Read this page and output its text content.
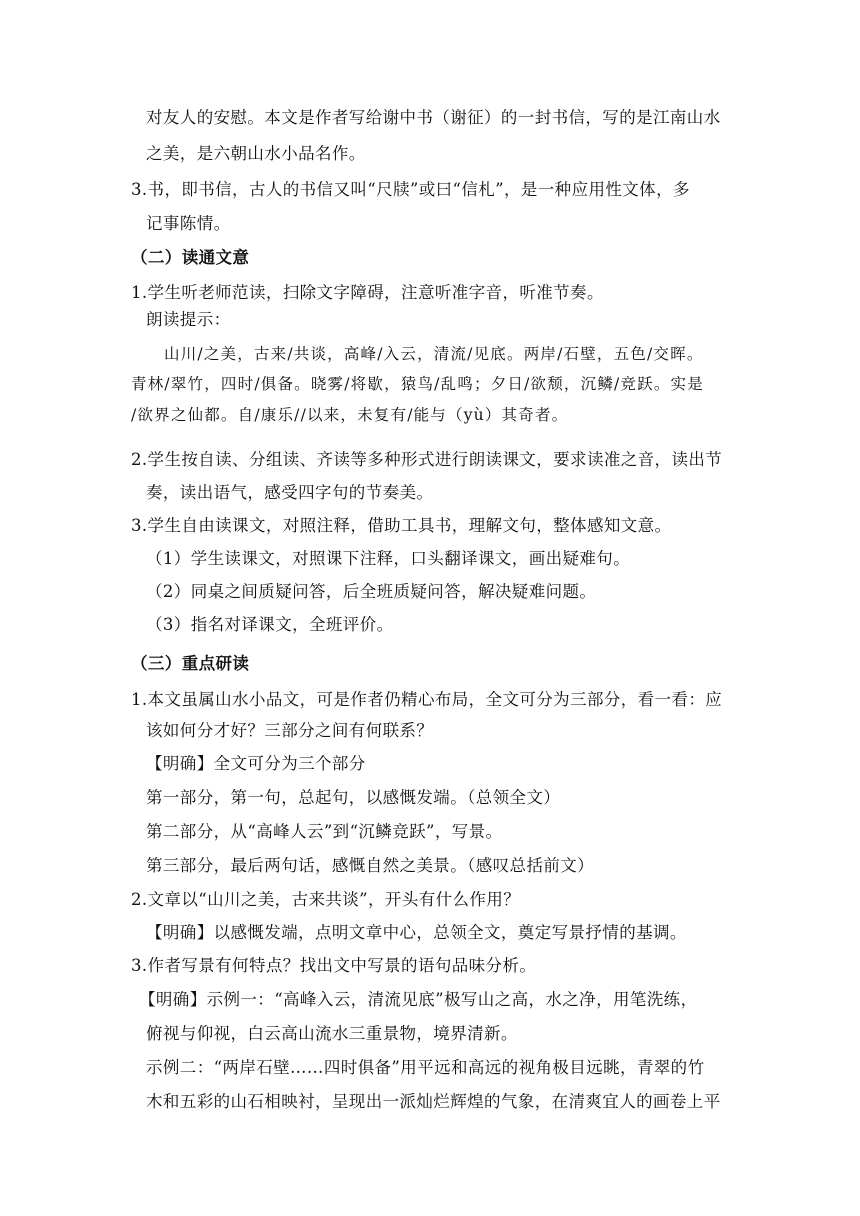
对友人的安慰。本文是作者写给谢中书（谢征）的一封书信，写的是江南山水
之美，是六朝山水小品名作。
3.书，即书信，古人的书信又叫“尺牍”或曰“信札”，是一种应用性文体，多
记事陈情。
（二）读通文意
1.学生听老师范读，扫除文字障碍，注意听准字音，听准节奏。
朗读提示：
山川/之美，古来/共谈，高峰/入云，清流/见底。两岸/石壁，五色/交晖。
青林/翠竹，四时/俱备。晓雾/将歇，猿鸟/乱鸣；夕日/欲颓，沉鳞/竞跃。实是
/欲界之仙都。自/康乐//以来，未复有/能与（yù）其奇者。
2.学生按自读、分组读、齐读等多种形式进行朗读课文，要求读准之音，读出节
奏，读出语气，感受四字句的节奏美。
3.学生自由读课文，对照注释，借助工具书，理解文句，整体感知文意。
（1）学生读课文，对照课下注释，口头翻译课文，画出疑难句。
（2）同桌之间质疑问答，后全班质疑问答，解决疑难问题。
（3）指名对译课文，全班评价。
（三）重点研读
1.本文虽属山水小品文，可是作者仍精心布局，全文可分为三部分，看一看：应
该如何分才好？三部分之间有何联系？
【明确】全文可分为三个部分
第一部分，第一句，总起句，以感慨发端。（总领全文）
第二部分，从“高峰人云”到“沉鳞竞跃”，写景。
第三部分，最后两句话，感慨自然之美景。（感叹总括前文）
2.文章以“山川之美，古来共谈”，开头有什么作用？
【明确】以感慨发端，点明文章中心，总领全文，奠定写景抒情的基调。
3.作者写景有何特点？找出文中写景的语句品味分析。
【明确】示例一：“高峰入云，清流见底”极写山之高，水之净，用笔洗练，
俯视与仰视，白云高山流水三重景物，境界清新。
示例二：“两岸石壁……四时俱备”用平远和高远的视角极目远眺，青翠的竹
木和五彩的山石相映衬，呈现出一派灿烂辉煌的气象，在清爽宜人的画卷上平
